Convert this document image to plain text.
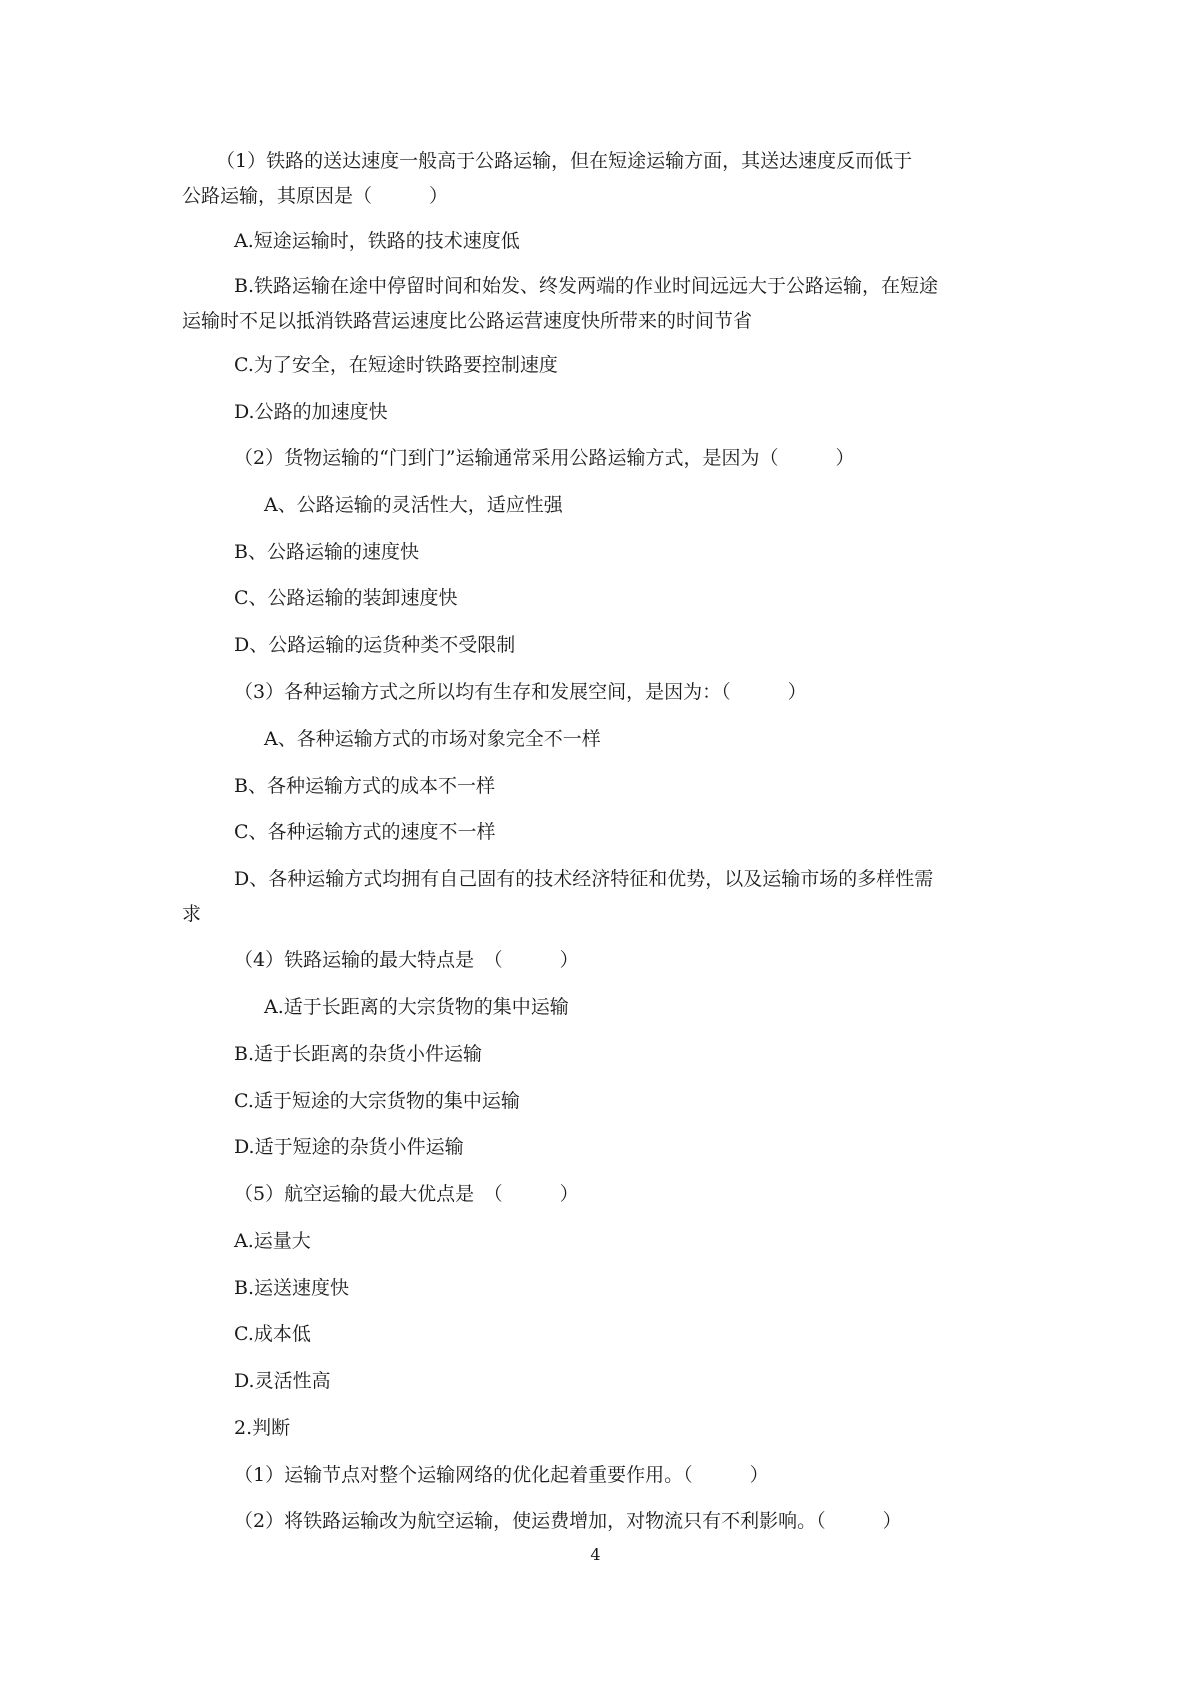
（1）铁路的送达速度一般高于公路运输，但在短途运输方面，其送达速度反而低于
公路运输，其原因是（　　　）
A.短途运输时，铁路的技术速度低
B.铁路运输在途中停留时间和始发、终发两端的作业时间远远大于公路运输，在短途
运输时不足以抵消铁路营运速度比公路运营速度快所带来的时间节省
C.为了安全，在短途时铁路要控制速度
D.公路的加速度快
（2）货物运输的“门到门”运输通常采用公路运输方式，是因为（　　　）
A、公路运输的灵活性大，适应性强
B、公路运输的速度快
C、公路运输的装卸速度快
D、公路运输的运货种类不受限制
（3）各种运输方式之所以均有生存和发展空间，是因为：（　　　）
A、各种运输方式的市场对象完全不一样
B、各种运输方式的成本不一样
C、各种运输方式的速度不一样
D、各种运输方式均拥有自己固有的技术经济特征和优势，以及运输市场的多样性需
求
（4）铁路运输的最大特点是　（　　　）
A.适于长距离的大宗货物的集中运输
B.适于长距离的杂货小件运输
C.适于短途的大宗货物的集中运输
D.适于短途的杂货小件运输
（5）航空运输的最大优点是　（　　　）
A.运量大
B.运送速度快
C.成本低
D.灵活性高
2.判断
（1）运输节点对整个运输网络的优化起着重要作用。（　　　）
（2）将铁路运输改为航空运输，使运费增加，对物流只有不利影响。（　　　）
4
